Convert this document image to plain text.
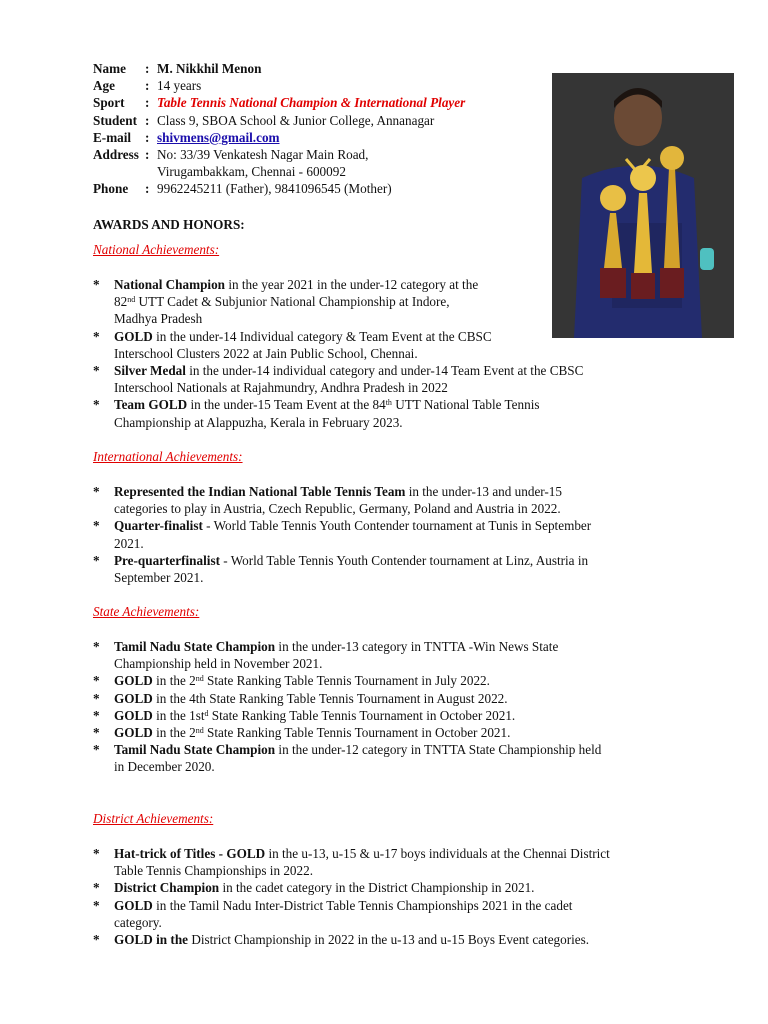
Name	: M. Nikkhil Menon
Age	: 14 years
Sport	: Table Tennis National Champion & International Player
Student : Class 9, SBOA School & Junior College, Annanagar
E-mail	: shivmens@gmail.com
Address : No: 33/39 Venkatesh Nagar Main Road,
Virugambakkam, Chennai - 600092
Phone	: 9962245211 (Father), 9841096545 (Mother)
AWARDS AND HONORS:
National Achievements:
* National Champion in the year 2021 in the under-12 category at the
82nd UTT Cadet & Subjunior National Championship at Indore,
Madhya Pradesh
* GOLD in the under-14 Individual category & Team Event at the CBSC
Interschool Clusters 2022 at Jain Public School, Chennai.
* Silver Medal in the under-14 individual category and under-14 Team Event at the CBSC
Interschool Nationals at Rajahmundry, Andhra Pradesh in 2022
* Team GOLD in the under-15 Team Event at the 84th UTT National Table Tennis
Championship at Alappuzha, Kerala in February 2023.
International Achievements:
* Represented the Indian National Table Tennis Team in the under-13 and under-15
categories to play in Austria, Czech Republic, Germany, Poland and Austria in 2022.
* Quarter-finalist - World Table Tennis Youth Contender tournament at Tunis in September
2021.
* Pre-quarterfinalist - World Table Tennis Youth Contender tournament at Linz, Austria in
September 2021.
State Achievements:
* Tamil Nadu State Champion in the under-13 category in TNTTA -Win News State
Championship held in November 2021.
* GOLD in the 2nd State Ranking Table Tennis Tournament in July 2022.
* GOLD in the 4th State Ranking Table Tennis Tournament in August 2022.
* GOLD in the $1st^d$ State Ranking Table Tennis Tournament in October 2021.
* GOLD in the 2nd State Ranking Table Tennis Tournament in October 2021.
* Tamil Nadu State Champion in the under-12 category in TNTTA State Championship held
in December 2020.
District Achievements:
* Hat-trick of Titles - GOLD in the u-13, u-15 & u-17 boys individuals at the Chennai District
Table Tennis Championships in 2022.
* District Champion in the cadet category in the District Championship in 2021.
* GOLD in the Tamil Nadu Inter-District Table Tennis Championships 2021 in the cadet
category.
* GOLD in the District Championship in 2022 in the u-13 and u-15 Boys Event categories.
